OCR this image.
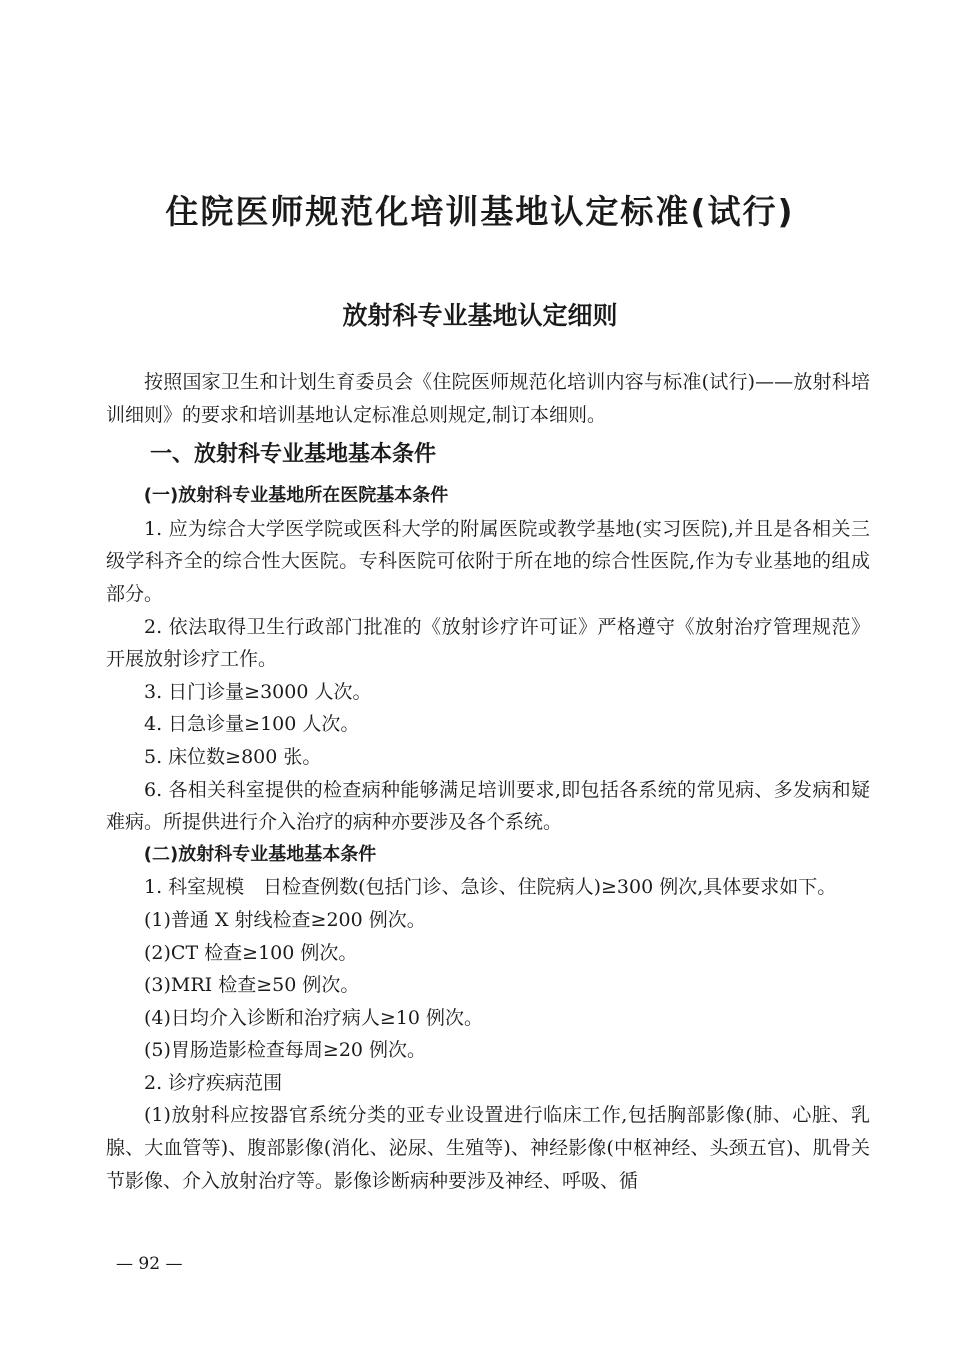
住院医师规范化培训基地认定标准(试行)
放射科专业基地认定细则

按照国家卫生和计划生育委员会《住院医师规范化培训内容与标准(试行)——放射科培训细则》的要求和培训基地认定标准总则规定,制订本细则。

一、放射科专业基地基本条件

(一)放射科专业基地所在医院基本条件

1. 应为综合大学医学院或医科大学的附属医院或教学基地(实习医院),并且是各相关三级学科齐全的综合性大医院。专科医院可依附于所在地的综合性医院,作为专业基地的组成部分。

2. 依法取得卫生行政部门批准的《放射诊疗许可证》严格遵守《放射治疗管理规范》开展放射诊疗工作。

3. 日门诊量≥3000 人次。

4. 日急诊量≥100 人次。

5. 床位数≥800 张。

6. 各相关科室提供的检查病种能够满足培训要求,即包括各系统的常见病、多发病和疑难病。所提供进行介入治疗的病种亦要涉及各个系统。

(二)放射科专业基地基本条件

1. 科室规模　日检查例数(包括门诊、急诊、住院病人)≥300 例次,具体要求如下。

(1)普通 X 射线检查≥200 例次。

(2)CT 检查≥100 例次。

(3)MRI 检查≥50 例次。

(4)日均介入诊断和治疗病人≥10 例次。

(5)胃肠造影检查每周≥20 例次。

2. 诊疗疾病范围

(1)放射科应按器官系统分类的亚专业设置进行临床工作,包括胸部影像(肺、心脏、乳腺、大血管等)、腹部影像(消化、泌尿、生殖等)、神经影像(中枢神经、头颈五官)、肌骨关节影像、介入放射治疗等。影像诊断病种要涉及神经、呼吸、循

— 92 —
